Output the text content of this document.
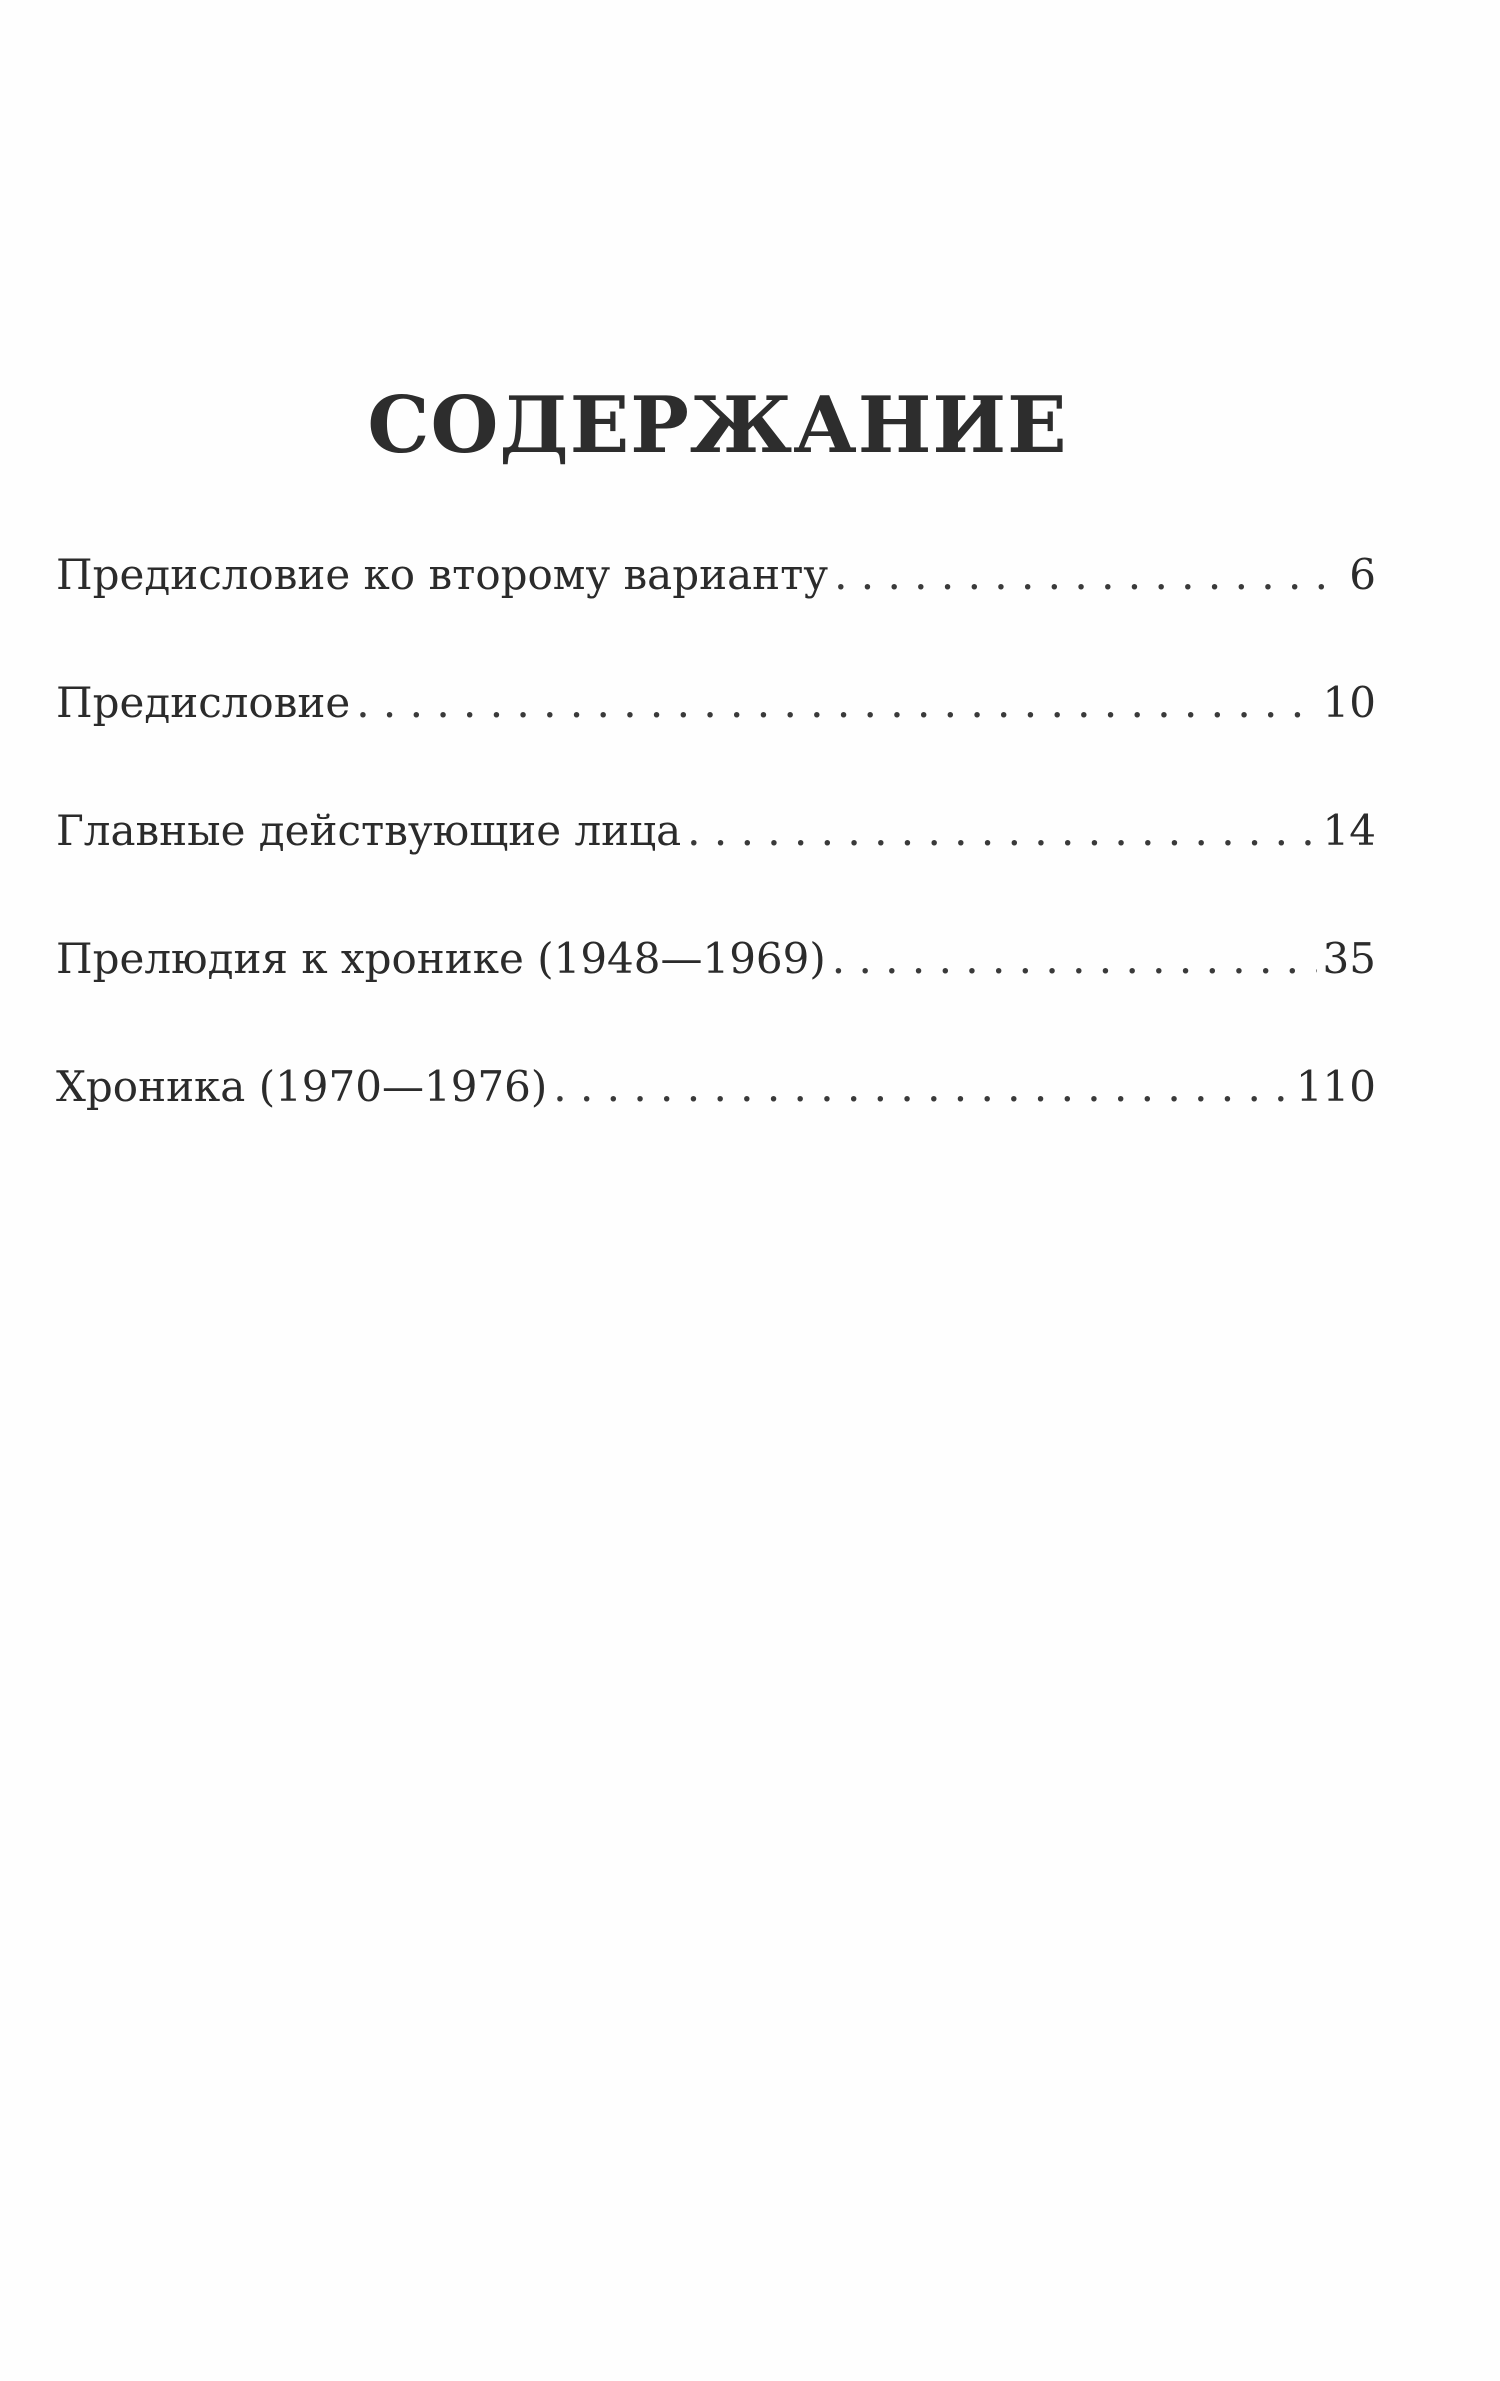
СОДЕРЖАНИЕ
Предисловие ко второму варианту . . .	6
Предисловие . . .	10
Главные действующие лица . . .	14
Прелюдия к хронике (1948—1969) . . .	35
Хроника (1970—1976) . . .	110
